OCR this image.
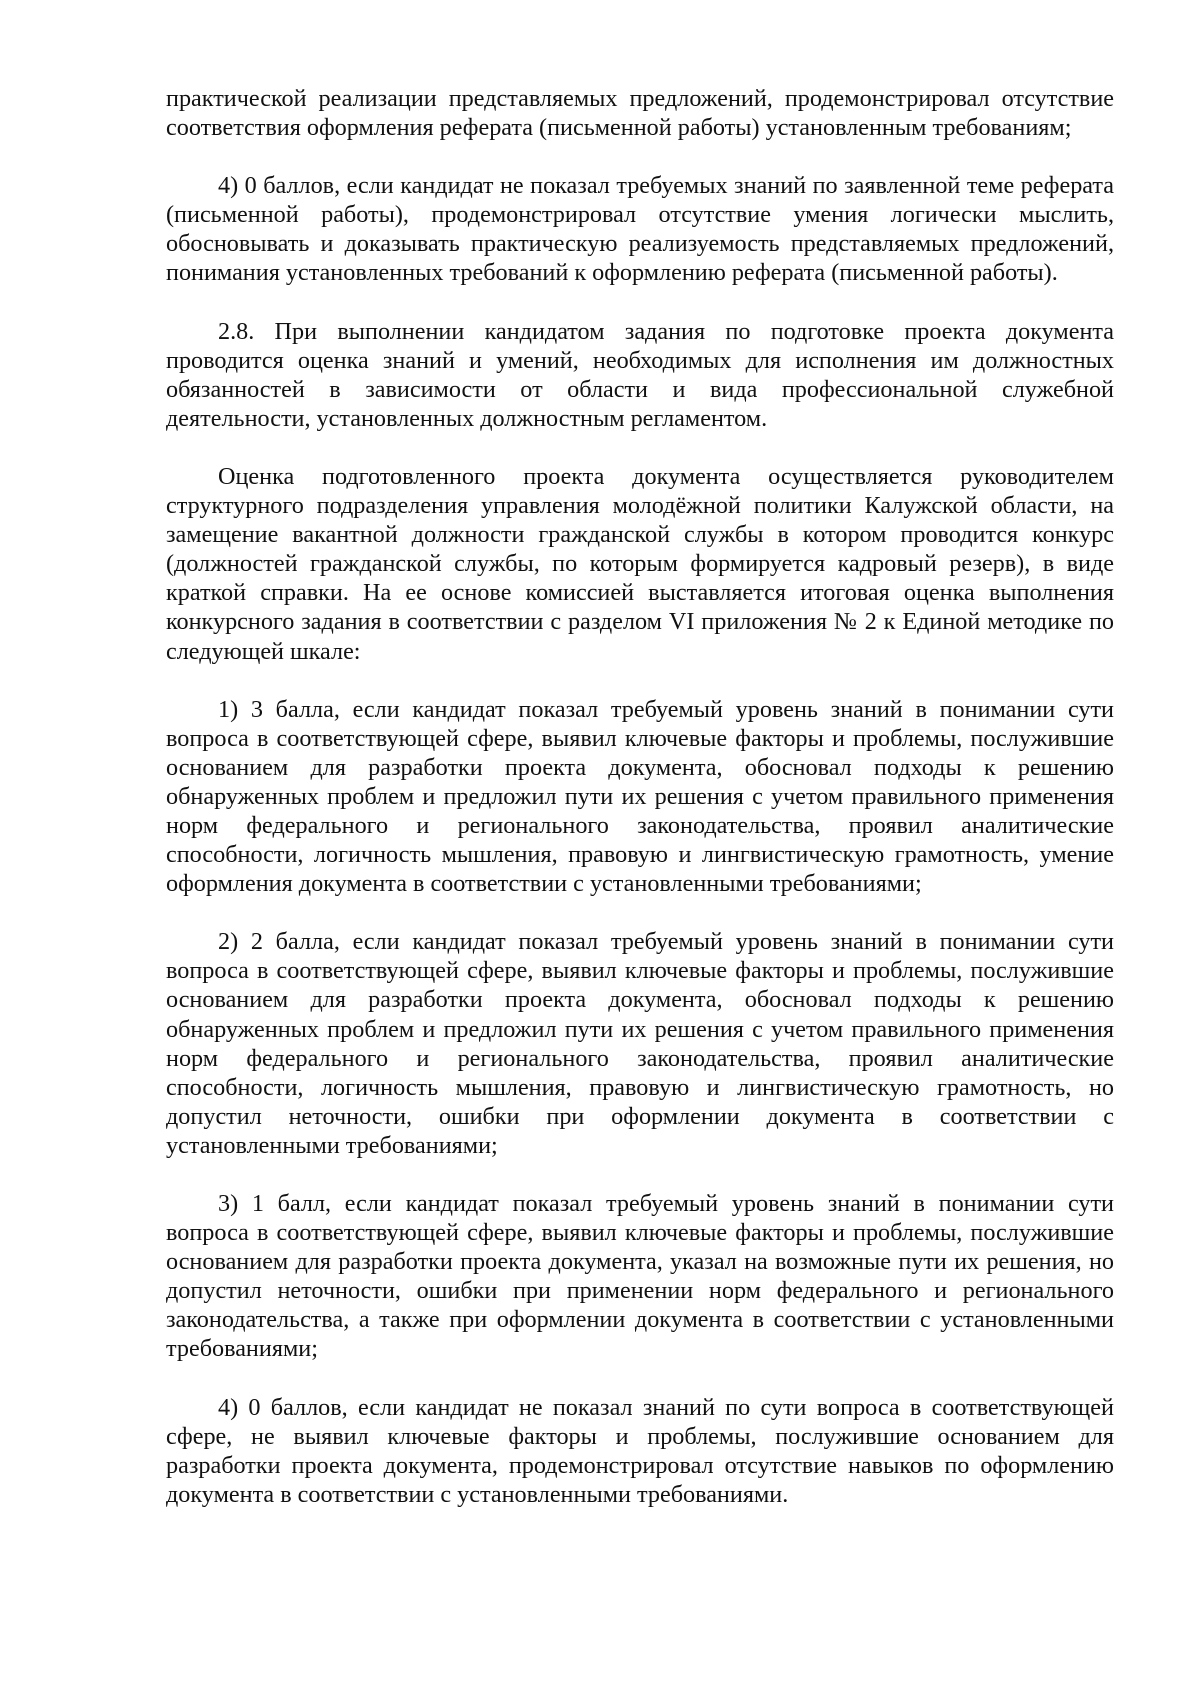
практической реализации представляемых предложений, продемонстрировал отсутствие соответствия оформления реферата (письменной работы) установленным требованиям;

4) 0 баллов, если кандидат не показал требуемых знаний по заявленной теме реферата (письменной работы), продемонстрировал отсутствие умения логически мыслить, обосновывать и доказывать практическую реализуемость представляемых предложений, понимания установленных требований к оформлению реферата (письменной работы).

2.8. При выполнении кандидатом задания по подготовке проекта документа проводится оценка знаний и умений, необходимых для исполнения им должностных обязанностей в зависимости от области и вида профессиональной служебной деятельности, установленных должностным регламентом.

Оценка подготовленного проекта документа осуществляется руководителем структурного подразделения управления молодёжной политики Калужской области, на замещение вакантной должности гражданской службы в котором проводится конкурс (должностей гражданской службы, по которым формируется кадровый резерв), в виде краткой справки. На ее основе комиссией выставляется итоговая оценка выполнения конкурсного задания в соответствии с разделом VI приложения № 2 к Единой методике по следующей шкале:

1) 3 балла, если кандидат показал требуемый уровень знаний в понимании сути вопроса в соответствующей сфере, выявил ключевые факторы и проблемы, послужившие основанием для разработки проекта документа, обосновал подходы к решению обнаруженных проблем и предложил пути их решения с учетом правильного применения норм федерального и регионального законодательства, проявил аналитические способности, логичность мышления, правовую и лингвистическую грамотность, умение оформления документа в соответствии с установленными требованиями;

2) 2 балла, если кандидат показал требуемый уровень знаний в понимании сути вопроса в соответствующей сфере, выявил ключевые факторы и проблемы, послужившие основанием для разработки проекта документа, обосновал подходы к решению обнаруженных проблем и предложил пути их решения с учетом правильного применения норм федерального и регионального законодательства, проявил аналитические способности, логичность мышления, правовую и лингвистическую грамотность, но допустил неточности, ошибки при оформлении документа в соответствии с установленными требованиями;

3) 1 балл, если кандидат показал требуемый уровень знаний в понимании сути вопроса в соответствующей сфере, выявил ключевые факторы и проблемы, послужившие основанием для разработки проекта документа, указал на возможные пути их решения, но допустил неточности, ошибки при применении норм федерального и регионального законодательства, а также при оформлении документа в соответствии с установленными требованиями;

4) 0 баллов, если кандидат не показал знаний по сути вопроса в соответствующей сфере, не выявил ключевые факторы и проблемы, послужившие основанием для разработки проекта документа, продемонстрировал отсутствие навыков по оформлению документа в соответствии с установленными требованиями.
